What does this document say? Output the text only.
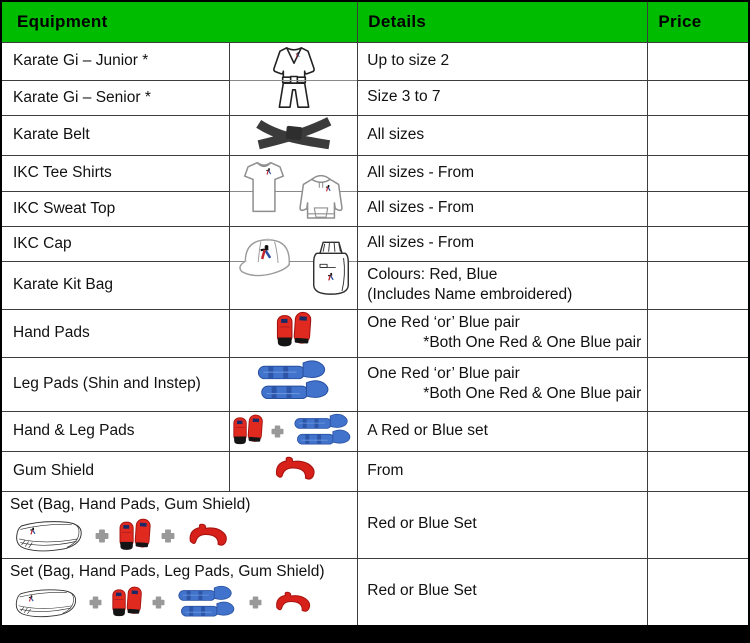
Equipment		Details	Price
Karate Gi – Junior *		Up to size 2	

Karate Gi – Senior *		Size 3 to 7	

Karate Belt		All sizes	

IKC Tee Shirts		All sizes - From	

IKC Sweat Top		All sizes - From	

IKC Cap		All sizes - From	

Karate Kit Bag		Colours: Red, Blue
(Includes Name embroidered)	

Hand Pads		One Red ‘or’ Blue pair
*Both One Red & One Blue pair	

Leg Pads (Shin and Instep)		One Red ‘or’ Blue pair
*Both One Red & One Blue pair	

Hand & Leg Pads		A Red or Blue set	

Gum Shield		From	

Set (Bag, Hand Pads, Gum Shield)		Red or Blue Set	

Set (Bag, Hand Pads, Leg Pads, Gum Shield)		Red or Blue Set	
